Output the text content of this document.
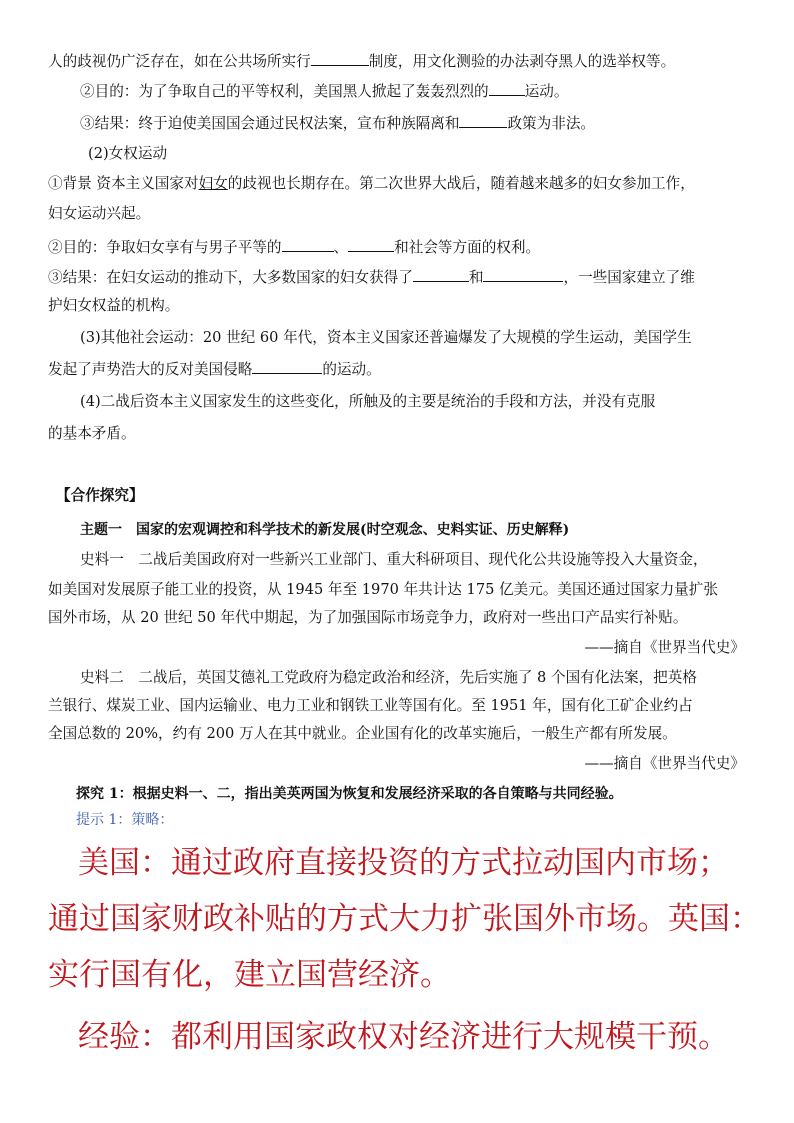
人的歧视仍广泛存在，如在公共场所实行	制度，用文化测验的办法剥夺黑人的选举权等。
②目的：为了争取自己的平等权利，美国黑人掀起了轰轰烈烈的 运动。
③结果：终于迫使美国国会通过民权法案，宣布种族隔离和	政策为非法。
(2)女权运动
①背景 资本主义国家对妇女的歧视也长期存在。第二次世界大战后，随着越来越多的妇女参加工作，
妇女运动兴起。
②目的：争取妇女享有与男子平等的	、	和社会等方面的权利。
③结果：在妇女运动的推动下，大多数国家的妇女获得了	和	，一些国家建立了维
护妇女权益的机构。
(3)其他社会运动：20 世纪 60 年代，资本主义国家还普遍爆发了大规模的学生运动，美国学生
发起了声势浩大的反对美国侵略	的运动。
(4)二战后资本主义国家发生的这些变化，所触及的主要是统治的手段和方法，并没有克服
的基本矛盾。
【合作探究】
主题一　国家的宏观调控和科学技术的新发展(时空观念、史料实证、历史解释)
史料一　二战后美国政府对一些新兴工业部门、重大科研项目、现代化公共设施等投入大量资金，
如美国对发展原子能工业的投资，从 1945 年至 1970 年共计达 175 亿美元。美国还通过国家力量扩张
国外市场，从 20 世纪 50 年代中期起，为了加强国际市场竞争力，政府对一些出口产品实行补贴。
——摘自《世界当代史》
史料二　二战后，英国艾德礼工党政府为稳定政治和经济，先后实施了 8 个国有化法案，把英格
兰银行、煤炭工业、国内运输业、电力工业和钢铁工业等国有化。至 1951 年，国有化工矿企业约占
全国总数的 20%，约有 200 万人在其中就业。企业国有化的改革实施后，一般生产都有所发展。
——摘自《世界当代史》
探究 1：根据史料一、二，指出美英两国为恢复和发展经济采取的各自策略与共同经验。
提示 1：策略：
美国：通过政府直接投资的方式拉动国内市场；
通过国家财政补贴的方式大力扩张国外市场。英国：
实行国有化，建立国营经济。
经验：都利用国家政权对经济进行大规模干预。
